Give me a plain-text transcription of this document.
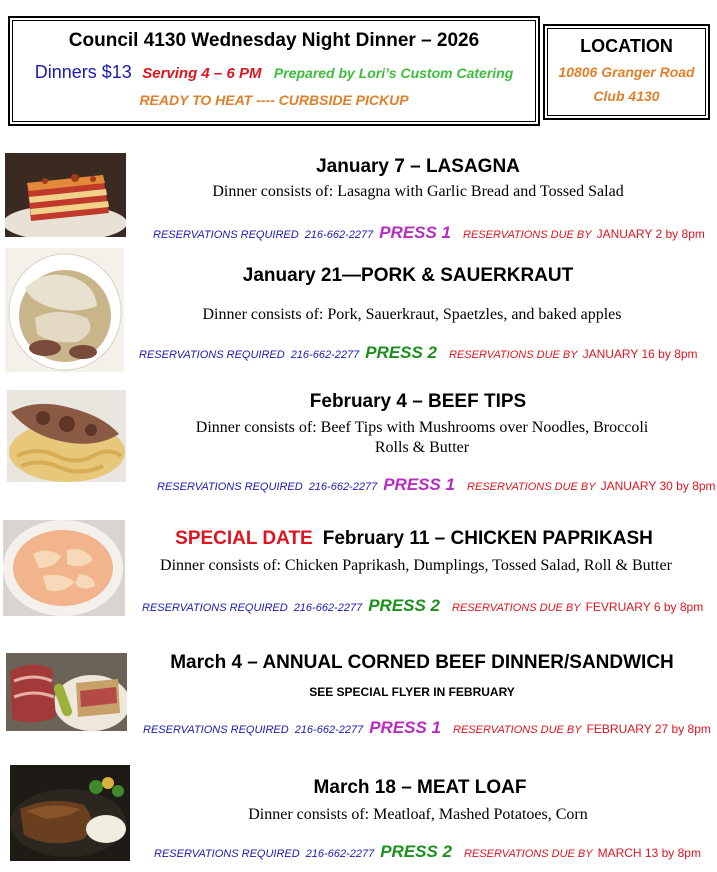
Council 4130 Wednesday Night Dinner – 2026
Dinners $13 Serving 4 – 6 PM Prepared by Lori’s Custom Catering
READY TO HEAT ---- CURBSIDE PICKUP
LOCATION
10806 Granger Road
Club 4130
January 7 – LASAGNA
Dinner consists of: Lasagna with Garlic Bread and Tossed Salad
RESERVATIONS REQUIRED 216-662-2277 PRESS 1 RESERVATIONS DUE BY JANUARY 2 by 8pm
January 21—PORK & SAUERKRAUT
Dinner consists of: Pork, Sauerkraut, Spaetzles, and baked apples
RESERVATIONS REQUIRED 216-662-2277 PRESS 2 RESERVATIONS DUE BY JANUARY 16 by 8pm
February 4 – BEEF TIPS
Dinner consists of: Beef Tips with Mushrooms over Noodles, Broccoli
Rolls & Butter
RESERVATIONS REQUIRED 216-662-2277 PRESS 1 RESERVATIONS DUE BY JANUARY 30 by 8pm
SPECIAL DATE February 11 – CHICKEN PAPRIKASH
Dinner consists of: Chicken Paprikash, Dumplings, Tossed Salad, Roll & Butter
RESERVATIONS REQUIRED 216-662-2277 PRESS 2 RESERVATIONS DUE BY FEVRUARY 6 by 8pm
March 4 – ANNUAL CORNED BEEF DINNER/SANDWICH
SEE SPECIAL FLYER IN FEBRUARY
RESERVATIONS REQUIRED 216-662-2277 PRESS 1 RESERVATIONS DUE BY FEBRUARY 27 by 8pm
March 18 – MEAT LOAF
Dinner consists of: Meatloaf, Mashed Potatoes, Corn
RESERVATIONS REQUIRED 216-662-2277 PRESS 2 RESERVATIONS DUE BY MARCH 13 by 8pm
